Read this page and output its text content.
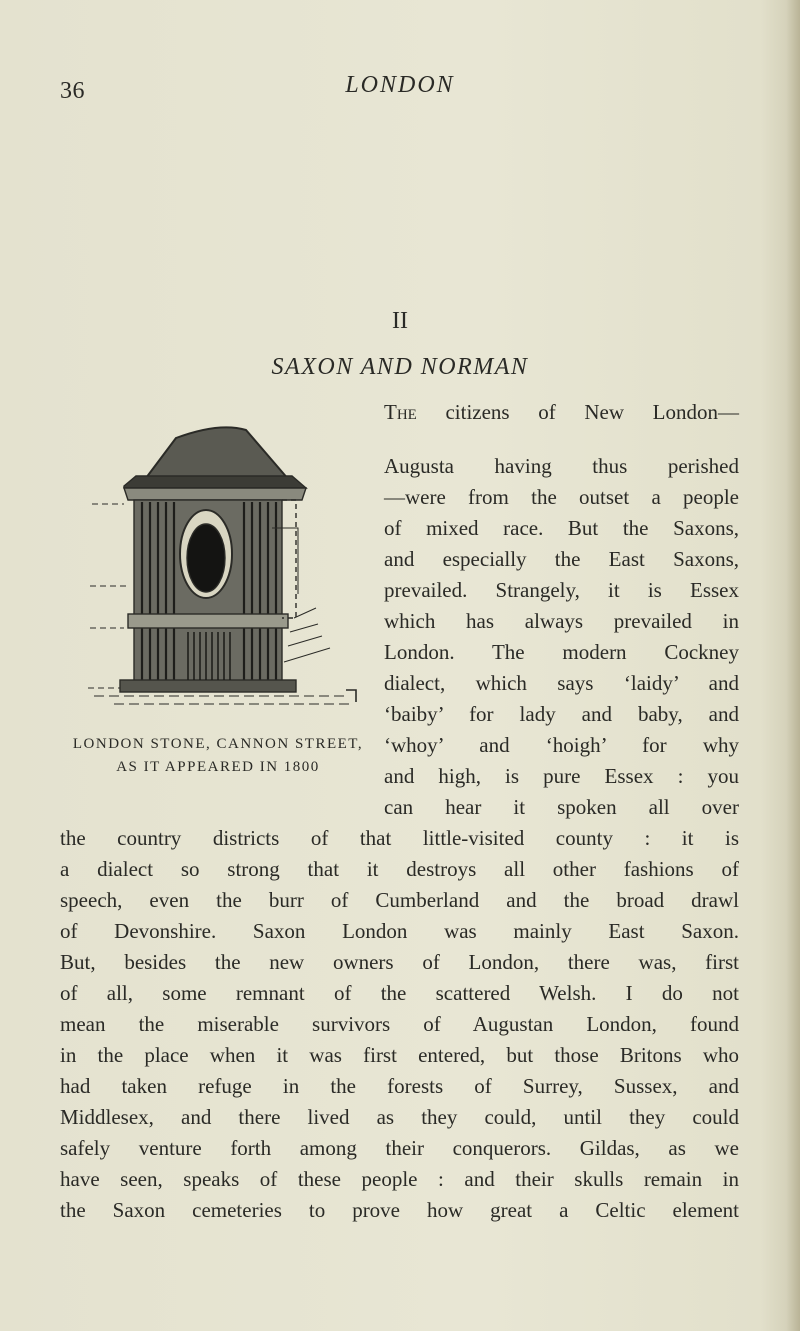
36	LONDON
II
SAXON AND NORMAN
LONDON STONE, CANNON STREET,
AS IT APPEARED IN 1800
The citizens of New London—
Augusta having thus perished
—were from the outset a people
of mixed race. But the Saxons,
and especially the East Saxons,
prevailed. Strangely, it is Essex
which has always prevailed in
London. The modern Cockney
dialect, which says ‘laidy’ and
‘baiby’ for lady and baby, and
‘whoy’ and ‘hoigh’ for why
and high, is pure Essex : you
can hear it spoken all over
the country districts of that little-visited county : it is
a dialect so strong that it destroys all other fashions of
speech, even the burr of Cumberland and the broad drawl
of Devonshire. Saxon London was mainly East Saxon.
But, besides the new owners of London, there was, first
of all, some remnant of the scattered Welsh. I do not
mean the miserable survivors of Augustan London, found
in the place when it was first entered, but those Britons who
had taken refuge in the forests of Surrey, Sussex, and
Middlesex, and there lived as they could, until they could
safely venture forth among their conquerors. Gildas, as we
have seen, speaks of these people : and their skulls remain in
the Saxon cemeteries to prove how great a Celtic element
